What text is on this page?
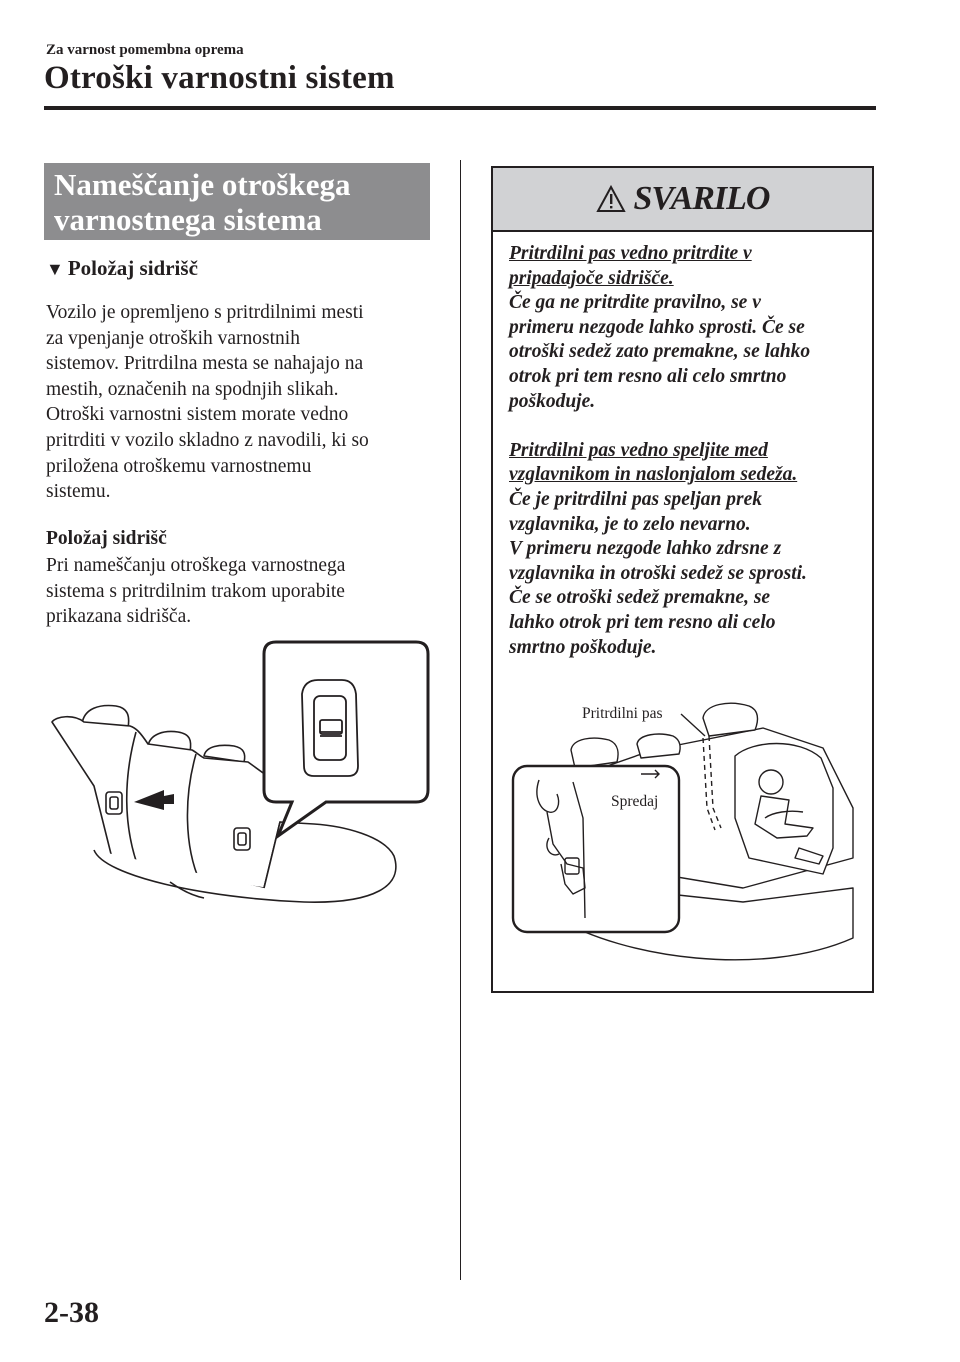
Za varnost pomembna oprema
Otroški varnostni sistem
Nameščanje otroškega
varnostnega sistema
▼ Položaj sidrišč

Vozilo je opremljeno s pritrdilnimi mesti

za vpenjanje otroških varnostnih

sistemov. Pritrdilna mesta se nahajajo na

mestih, označenih na spodnjih slikah.

Otroški varnostni sistem morate vedno

pritrditi v vozilo skladno z navodili, ki so

priložena otroškemu varnostnemu

sistemu.

Položaj sidrišč
Pri nameščanju otroškega varnostnega
sistema s pritrdilnim trakom uporabite
prikazana sidrišča.
SVARILO

Pritrdilni pas vedno pritrdite v

pripadajoče sidrišče.

Če ga ne pritrdite pravilno, se v

primeru nezgode lahko sprosti. Če se

otroški sedež zato premakne, se lahko

otrok pri tem resno ali celo smrtno

poškoduje.

Pritrdilni pas vedno speljite med

vzglavnikom in naslonjalom sedeža.

Če je pritrdilni pas speljan prek

vzglavnika, je to zelo nevarno.

V primeru nezgode lahko zdrsne z

vzglavnika in otroški sedež se sprosti.

Če se otroški sedež premakne, se

lahko otrok pri tem resno ali celo

smrtno poškoduje.

Pritrdilni pas
Spredaj
2-38
